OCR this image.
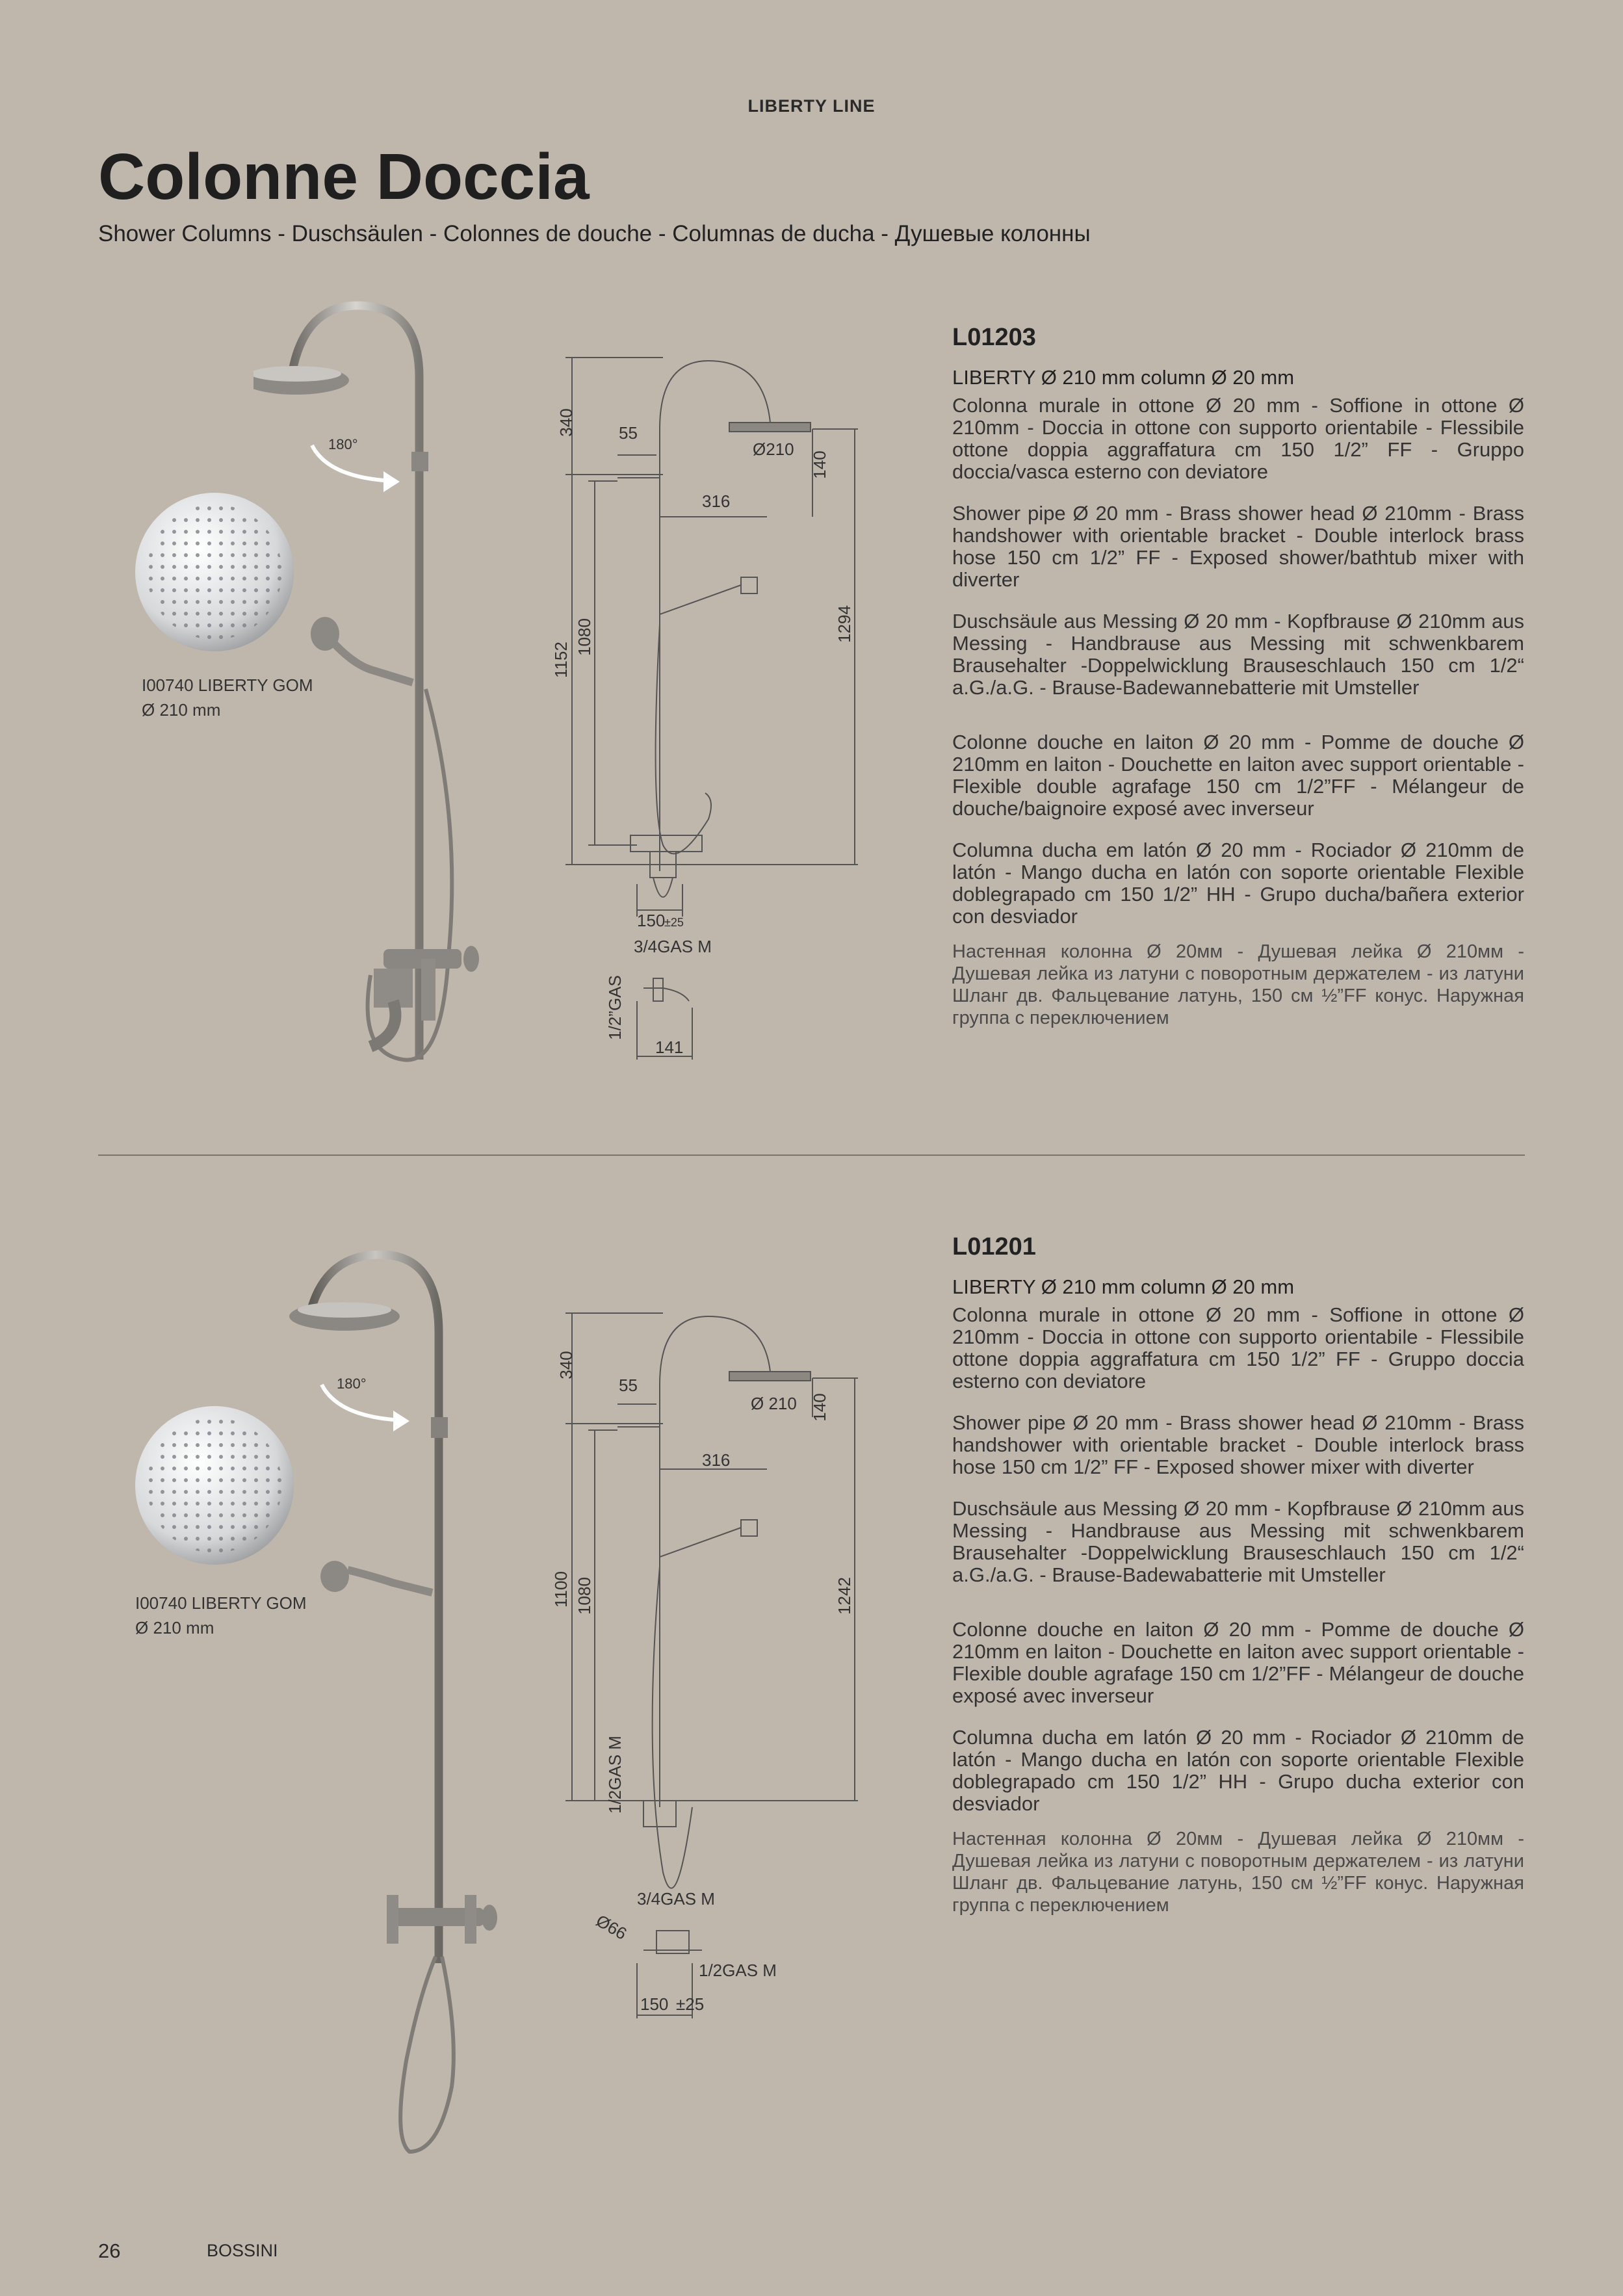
LIBERTY LINE
Colonne Doccia
Shower Columns - Duschsäulen - Colonnes de douche - Columnas de ducha - Душевые колонны
180°
I00740 LIBERTY GOM
Ø 210 mm
340	55
Ø210
140
316
1152
1080	1294
150
±25
3/4GAS M
1/2”GAS
141
L01203
LIBERTY Ø 210 mm column Ø 20 mm

Colonna murale in ottone Ø 20 mm - Soffione in ottone Ø 210mm - Doccia in ottone con supporto orientabile - Flessibile ottone doppia aggraffatura cm 150 1/2” FF - Gruppo doccia/vasca esterno con deviatore

Shower pipe Ø 20 mm - Brass shower head Ø 210mm - Brass handshower with orientable bracket - Double interlock brass hose 150 cm 1/2” FF - Exposed shower/bathtub mixer with diverter

Duschsäule aus Messing Ø 20 mm - Kopfbrause Ø 210mm aus Messing - Handbrause aus Messing mit schwenkbarem Brausehalter -Doppelwicklung Brauseschlauch 150 cm 1/2“ a.G./a.G. - Brause-Badewannebatterie mit Umsteller

Colonne douche en laiton Ø 20 mm - Pomme de douche Ø 210mm en laiton - Douchette en laiton avec support orientable - Flexible double agrafage 150 cm 1/2”FF - Mélangeur de douche/baignoire exposé avec inverseur

Columna ducha em latón Ø 20 mm - Rociador Ø 210mm de latón - Mango ducha en latón con soporte orientable Flexible doblegrapado cm 150 1/2” HH - Grupo ducha/bañera exterior con desviador

Настенная колонна Ø 20мм - Душевая лейка Ø 210мм - Душевая лейка из латуни с поворотным держателем - из латуни Шланг дв. Фальцевание латунь, 150 см ½”FF конус. Наружная группа с переключением

180°
I00740 LIBERTY GOM
Ø 210 mm
340
55
Ø 210 140
316
1100 1080	1242
1/2GAS M
3/4GAS M
Ø66
1/2GAS M
150 ±25
L01201
LIBERTY Ø 210 mm column Ø 20 mm

Colonna murale in ottone Ø 20 mm - Soffione in ottone Ø 210mm - Doccia in ottone con supporto orientabile - Flessibile ottone doppia aggraffatura cm 150 1/2” FF - Gruppo doccia esterno con deviatore

Shower pipe Ø 20 mm - Brass shower head Ø 210mm - Brass handshower with orientable bracket - Double interlock brass hose 150 cm 1/2” FF - Exposed shower mixer with diverter

Duschsäule aus Messing Ø 20 mm - Kopfbrause Ø 210mm aus Messing - Handbrause aus Messing mit schwenkbarem Brausehalter -Doppelwicklung Brauseschlauch 150 cm 1/2“ a.G./a.G. - Brause-Badewabatterie mit Umsteller

Colonne douche en laiton Ø 20 mm - Pomme de douche Ø 210mm en laiton - Douchette en laiton avec support orientable - Flexible double agrafage 150 cm 1/2”FF - Mélangeur de douche exposé avec inverseur

Columna ducha em latón Ø 20 mm - Rociador Ø 210mm de latón - Mango ducha en latón con soporte orientable Flexible doblegrapado cm 150 1/2” HH - Grupo ducha exterior con desviador

Настенная колонна Ø 20мм - Душевая лейка Ø 210мм - Душевая лейка из латуни с поворотным держателем - из латуни Шланг дв. Фальцевание латунь, 150 см ½”FF конус. Наружная группа с переключением

26	BOSSINI
